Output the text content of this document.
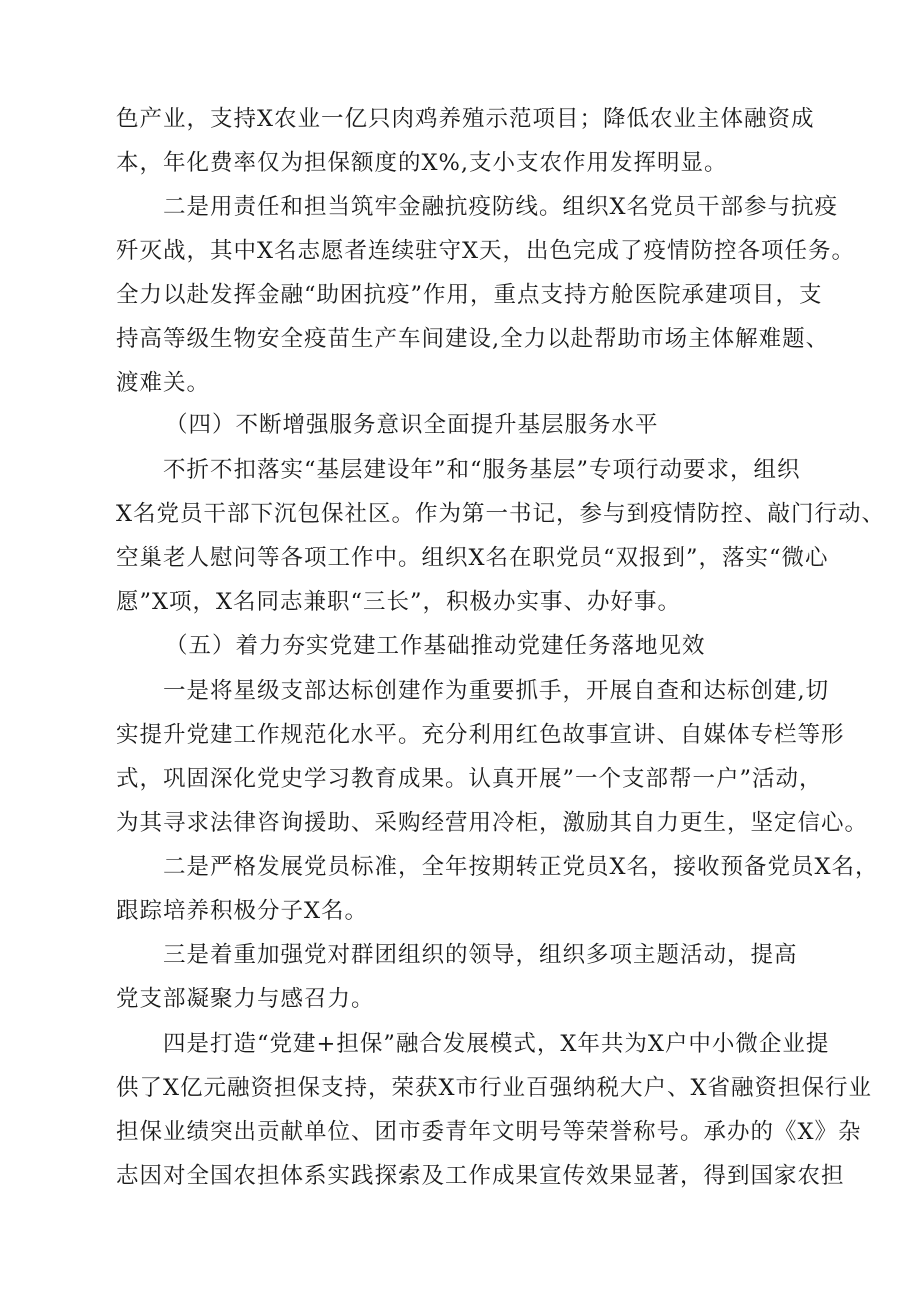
色产业，支持X农业一亿只肉鸡养殖示范项目；降低农业主体融资成
本，年化费率仅为担保额度的X%,支小支农作用发挥明显。
二是用责任和担当筑牢金融抗疫防线。组织X名党员干部参与抗疫
歼灭战，其中X名志愿者连续驻守X天，出色完成了疫情防控各项任务。
全力以赴发挥金融“助困抗疫”作用，重点支持方舱医院承建项目，支
持高等级生物安全疫苗生产车间建设,全力以赴帮助市场主体解难题、
渡难关。
（四）不断增强服务意识全面提升基层服务水平
不折不扣落实“基层建设年”和“服务基层”专项行动要求，组织
X名党员干部下沉包保社区。作为第一书记，参与到疫情防控、敲门行动、
空巢老人慰问等各项工作中。组织X名在职党员“双报到”，落实“微心
愿”X项，X名同志兼职“三长”，积极办实事、办好事。
（五）着力夯实党建工作基础推动党建任务落地见效
一是将星级支部达标创建作为重要抓手，开展自查和达标创建,切
实提升党建工作规范化水平。充分利用红色故事宣讲、自媒体专栏等形
式，巩固深化党史学习教育成果。认真开展”一个支部帮一户”活动，
为其寻求法律咨询援助、采购经营用冷柜，激励其自力更生，坚定信心。
二是严格发展党员标准，全年按期转正党员X名，接收预备党员X名，
跟踪培养积极分子X名。
三是着重加强党对群团组织的领导，组织多项主题活动，提高
党支部凝聚力与感召力。
四是打造“党建+担保”融合发展模式，X年共为X户中小微企业提
供了X亿元融资担保支持，荣获X市行业百强纳税大户、X省融资担保行业
担保业绩突出贡献单位、团市委青年文明号等荣誉称号。承办的《X》杂
志因对全国农担体系实践探索及工作成果宣传效果显著，得到国家农担
